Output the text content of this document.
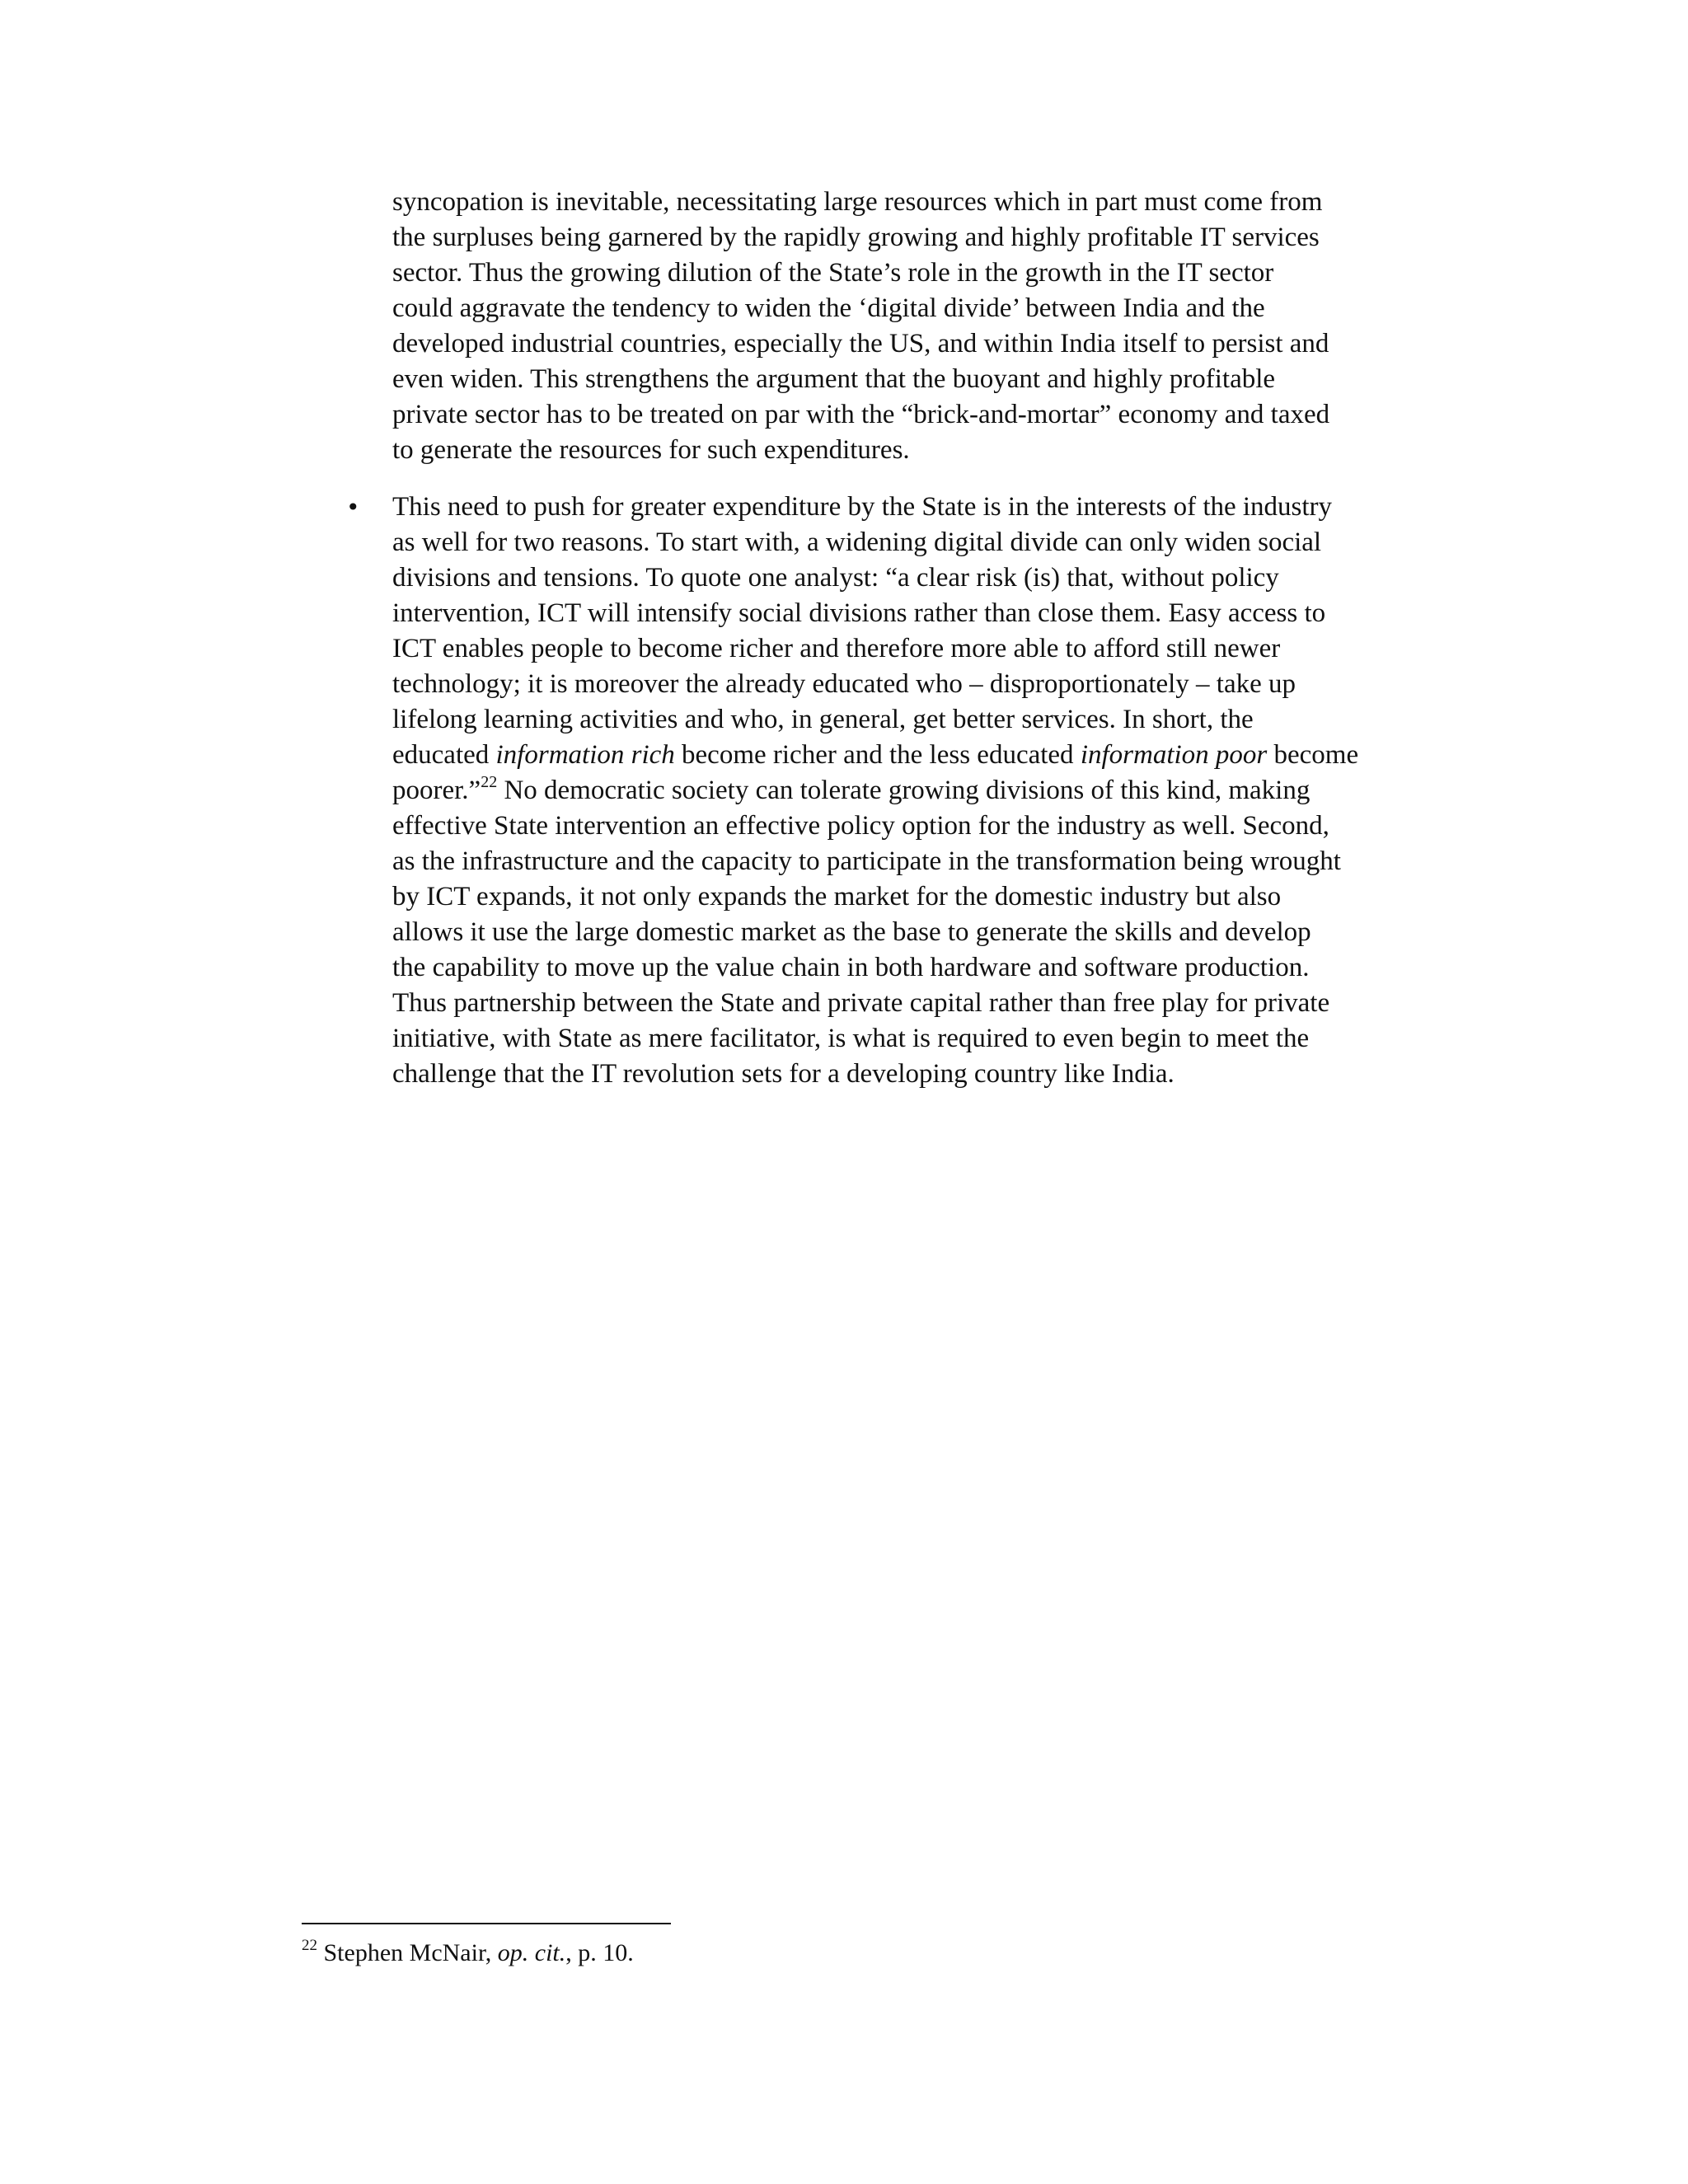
syncopation is inevitable, necessitating large resources which in part must come from
the surpluses being garnered by the rapidly growing and highly profitable IT services
sector. Thus the growing dilution of the State’s role in the growth in the IT sector
could aggravate the tendency to widen the ‘digital divide’ between India and the
developed industrial countries, especially the US, and within India itself to persist and
even widen. This strengthens the argument that the buoyant and highly profitable
private sector has to be treated on par with the “brick-and-mortar” economy and taxed
to generate the resources for such expenditures.

•	This need to push for greater expenditure by the State is in the interests of the industry
as well for two reasons. To start with, a widening digital divide can only widen social
divisions and tensions. To quote one analyst: “a clear risk (is) that, without policy
intervention, ICT will intensify social divisions rather than close them. Easy access to
ICT enables people to become richer and therefore more able to afford still newer
technology; it is moreover the already educated who – disproportionately – take up
lifelong learning activities and who, in general, get better services. In short, the
educated information rich become richer and the less educated information poor become
poorer.”$^{22}$ No democratic society can tolerate growing divisions of this kind, making
effective State intervention an effective policy option for the industry as well. Second,
as the infrastructure and the capacity to participate in the transformation being wrought
by ICT expands, it not only expands the market for the domestic industry but also
allows it use the large domestic market as the base to generate the skills and develop
the capability to move up the value chain in both hardware and software production.
Thus partnership between the State and private capital rather than free play for private
initiative, with State as mere facilitator, is what is required to even begin to meet the
challenge that the IT revolution sets for a developing country like India.

$^{22}$ Stephen McNair, op. cit., p. 10.
